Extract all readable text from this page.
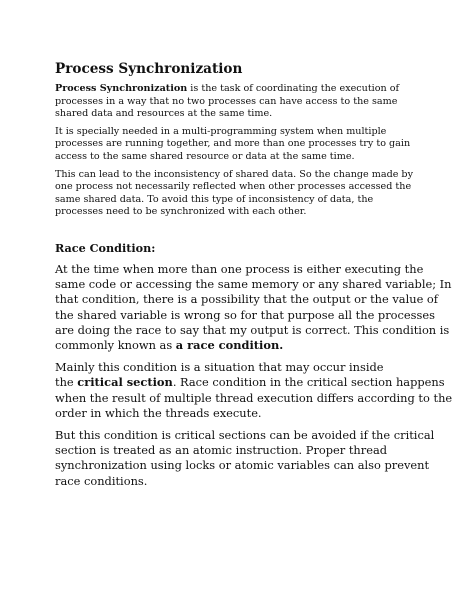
Process Synchronization

Process Synchronization is the task of coordinating the execution of
processes in a way that no two processes can have access to the same
shared data and resources at the same time.

It is specially needed in a multi-programming system when multiple
processes are running together, and more than one processes try to gain
access to the same shared resource or data at the same time.

This can lead to the inconsistency of shared data. So the change made by
one process not necessarily reflected when other processes accessed the
same shared data. To avoid this type of inconsistency of data, the
processes need to be synchronized with each other.

Race Condition:

At the time when more than one process is either executing the
same code or accessing the same memory or any shared variable; In
that condition, there is a possibility that the output or the value of
the shared variable is wrong so for that purpose all the processes
are doing the race to say that my output is correct. This condition is
commonly known as a race condition.

Mainly this condition is a situation that may occur inside
the critical section. Race condition in the critical section happens
when the result of multiple thread execution differs according to the
order in which the threads execute.

But this condition is critical sections can be avoided if the critical
section is treated as an atomic instruction. Proper thread
synchronization using locks or atomic variables can also prevent
race conditions.
